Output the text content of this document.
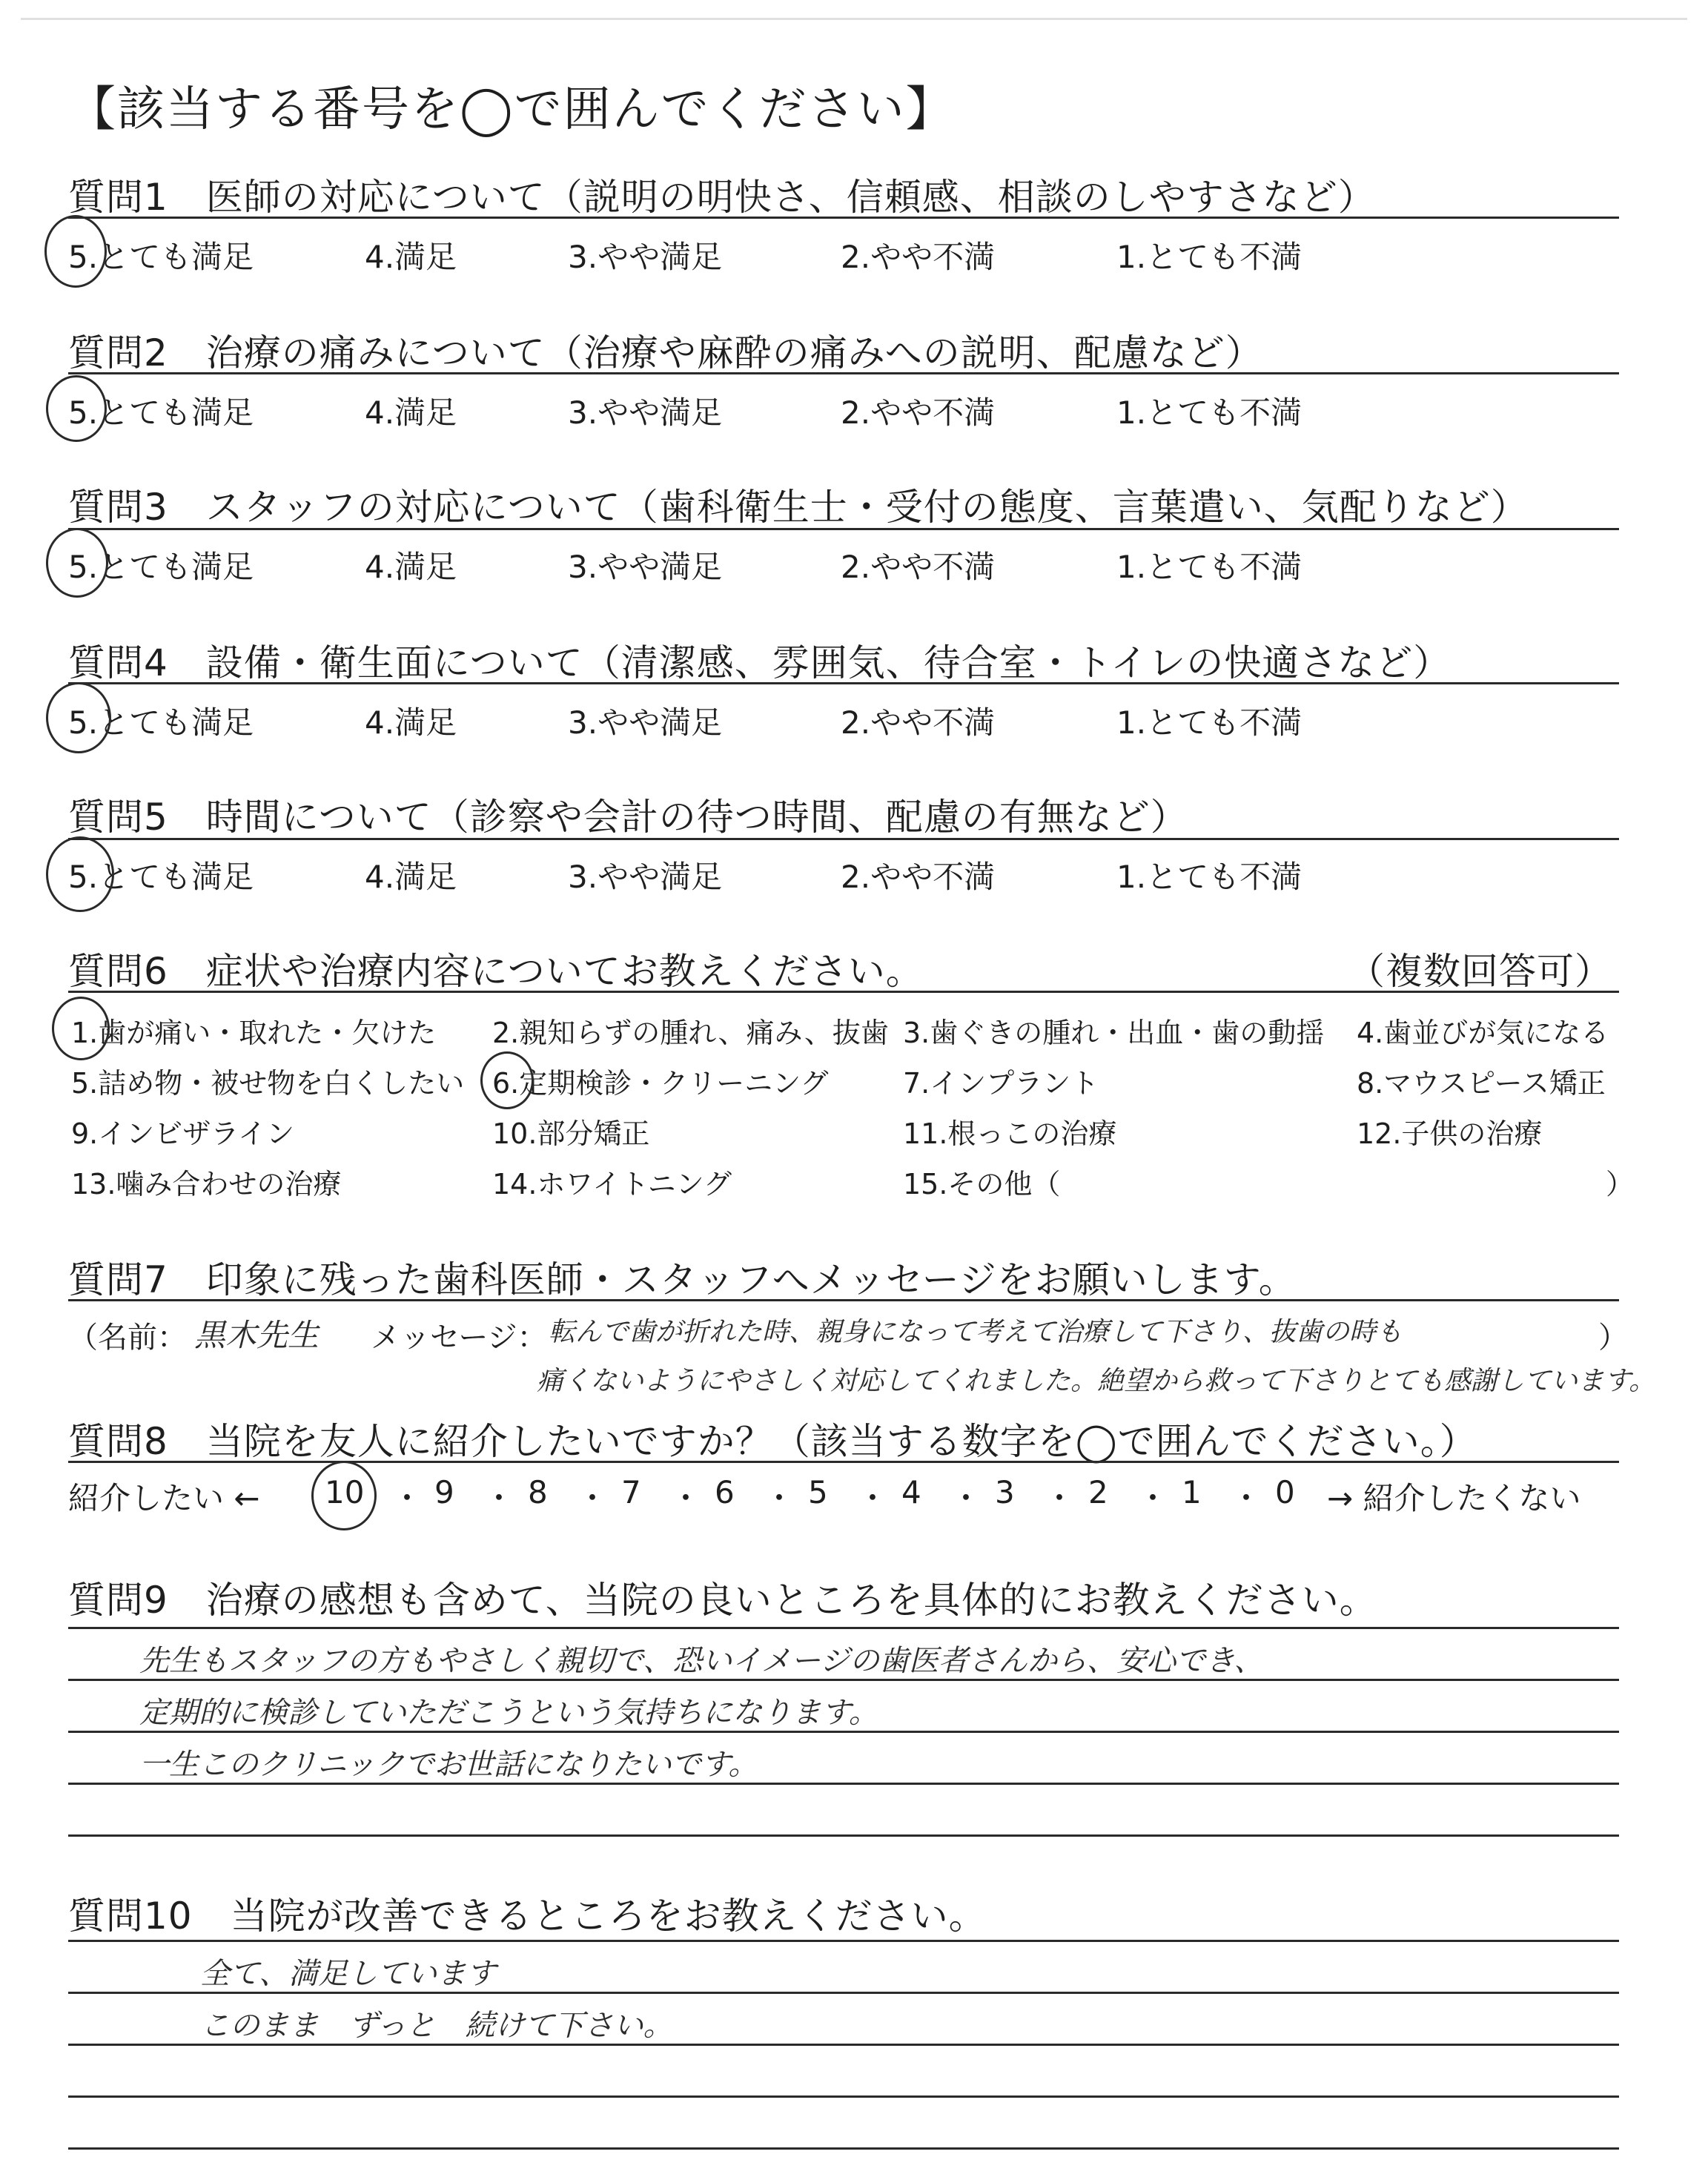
【該当する番号を◯で囲んでください】
質問1　医師の対応について（説明の明快さ、信頼感、相談のしやすさなど）
5.とても満足	4.満足	3.やや満足	2.やや不満	1.とても不満
質問2　治療の痛みについて（治療や麻酔の痛みへの説明、配慮など）
5.とても満足	4.満足	3.やや満足	2.やや不満	1.とても不満
質問3　スタッフの対応について（歯科衛生士・受付の態度、言葉遣い、気配りなど）
5.とても満足	4.満足	3.やや満足	2.やや不満	1.とても不満
質問4　設備・衛生面について（清潔感、雰囲気、待合室・トイレの快適さなど）
5.とても満足	4.満足	3.やや満足	2.やや不満	1.とても不満
質問5　時間について（診察や会計の待つ時間、配慮の有無など）
5.とても満足	4.満足	3.やや満足	2.やや不満	1.とても不満
質問6　症状や治療内容についてお教えください。	（複数回答可）
1.歯が痛い・取れた・欠けた 2.親知らずの腫れ、痛み、抜歯 3.歯ぐきの腫れ・出血・歯の動揺 4.歯並びが気になる
5.詰め物・被せ物を白くしたい 6.定期検診・クリーニング	7.インプラント	8.マウスピース矯正
9.インビザライン	10.部分矯正	11.根っこの治療	12.子供の治療
13.噛み合わせの治療	14.ホワイトニング	15.その他（	）
質問7　印象に残った歯科医師・スタッフへメッセージをお願いします。
（名前： 黒木先生 メッセージ： 転んで歯が折れた時、親身になって考えて治療して下さり、抜歯の時も	）
痛くないようにやさしく対応してくれました。絶望から救って下さりとても感謝しています。
質問8　当院を友人に紹介したいですか？（該当する数字を◯で囲んでください。）
紹介したい ← 10 ・ 9 ・ 8 ・ 7 ・ 6 ・ 5 ・ 4 ・ 3 ・ 2 ・ 1 ・ 0 → 紹介したくない
質問9　治療の感想も含めて、当院の良いところを具体的にお教えください。
先生もスタッフの方もやさしく親切で、恐いイメージの歯医者さんから、安心でき、
定期的に検診していただこうという気持ちになります。
一生このクリニックでお世話になりたいです。
質問10　当院が改善できるところをお教えください。
全て、満足しています
このまま　ずっと　続けて下さい。
